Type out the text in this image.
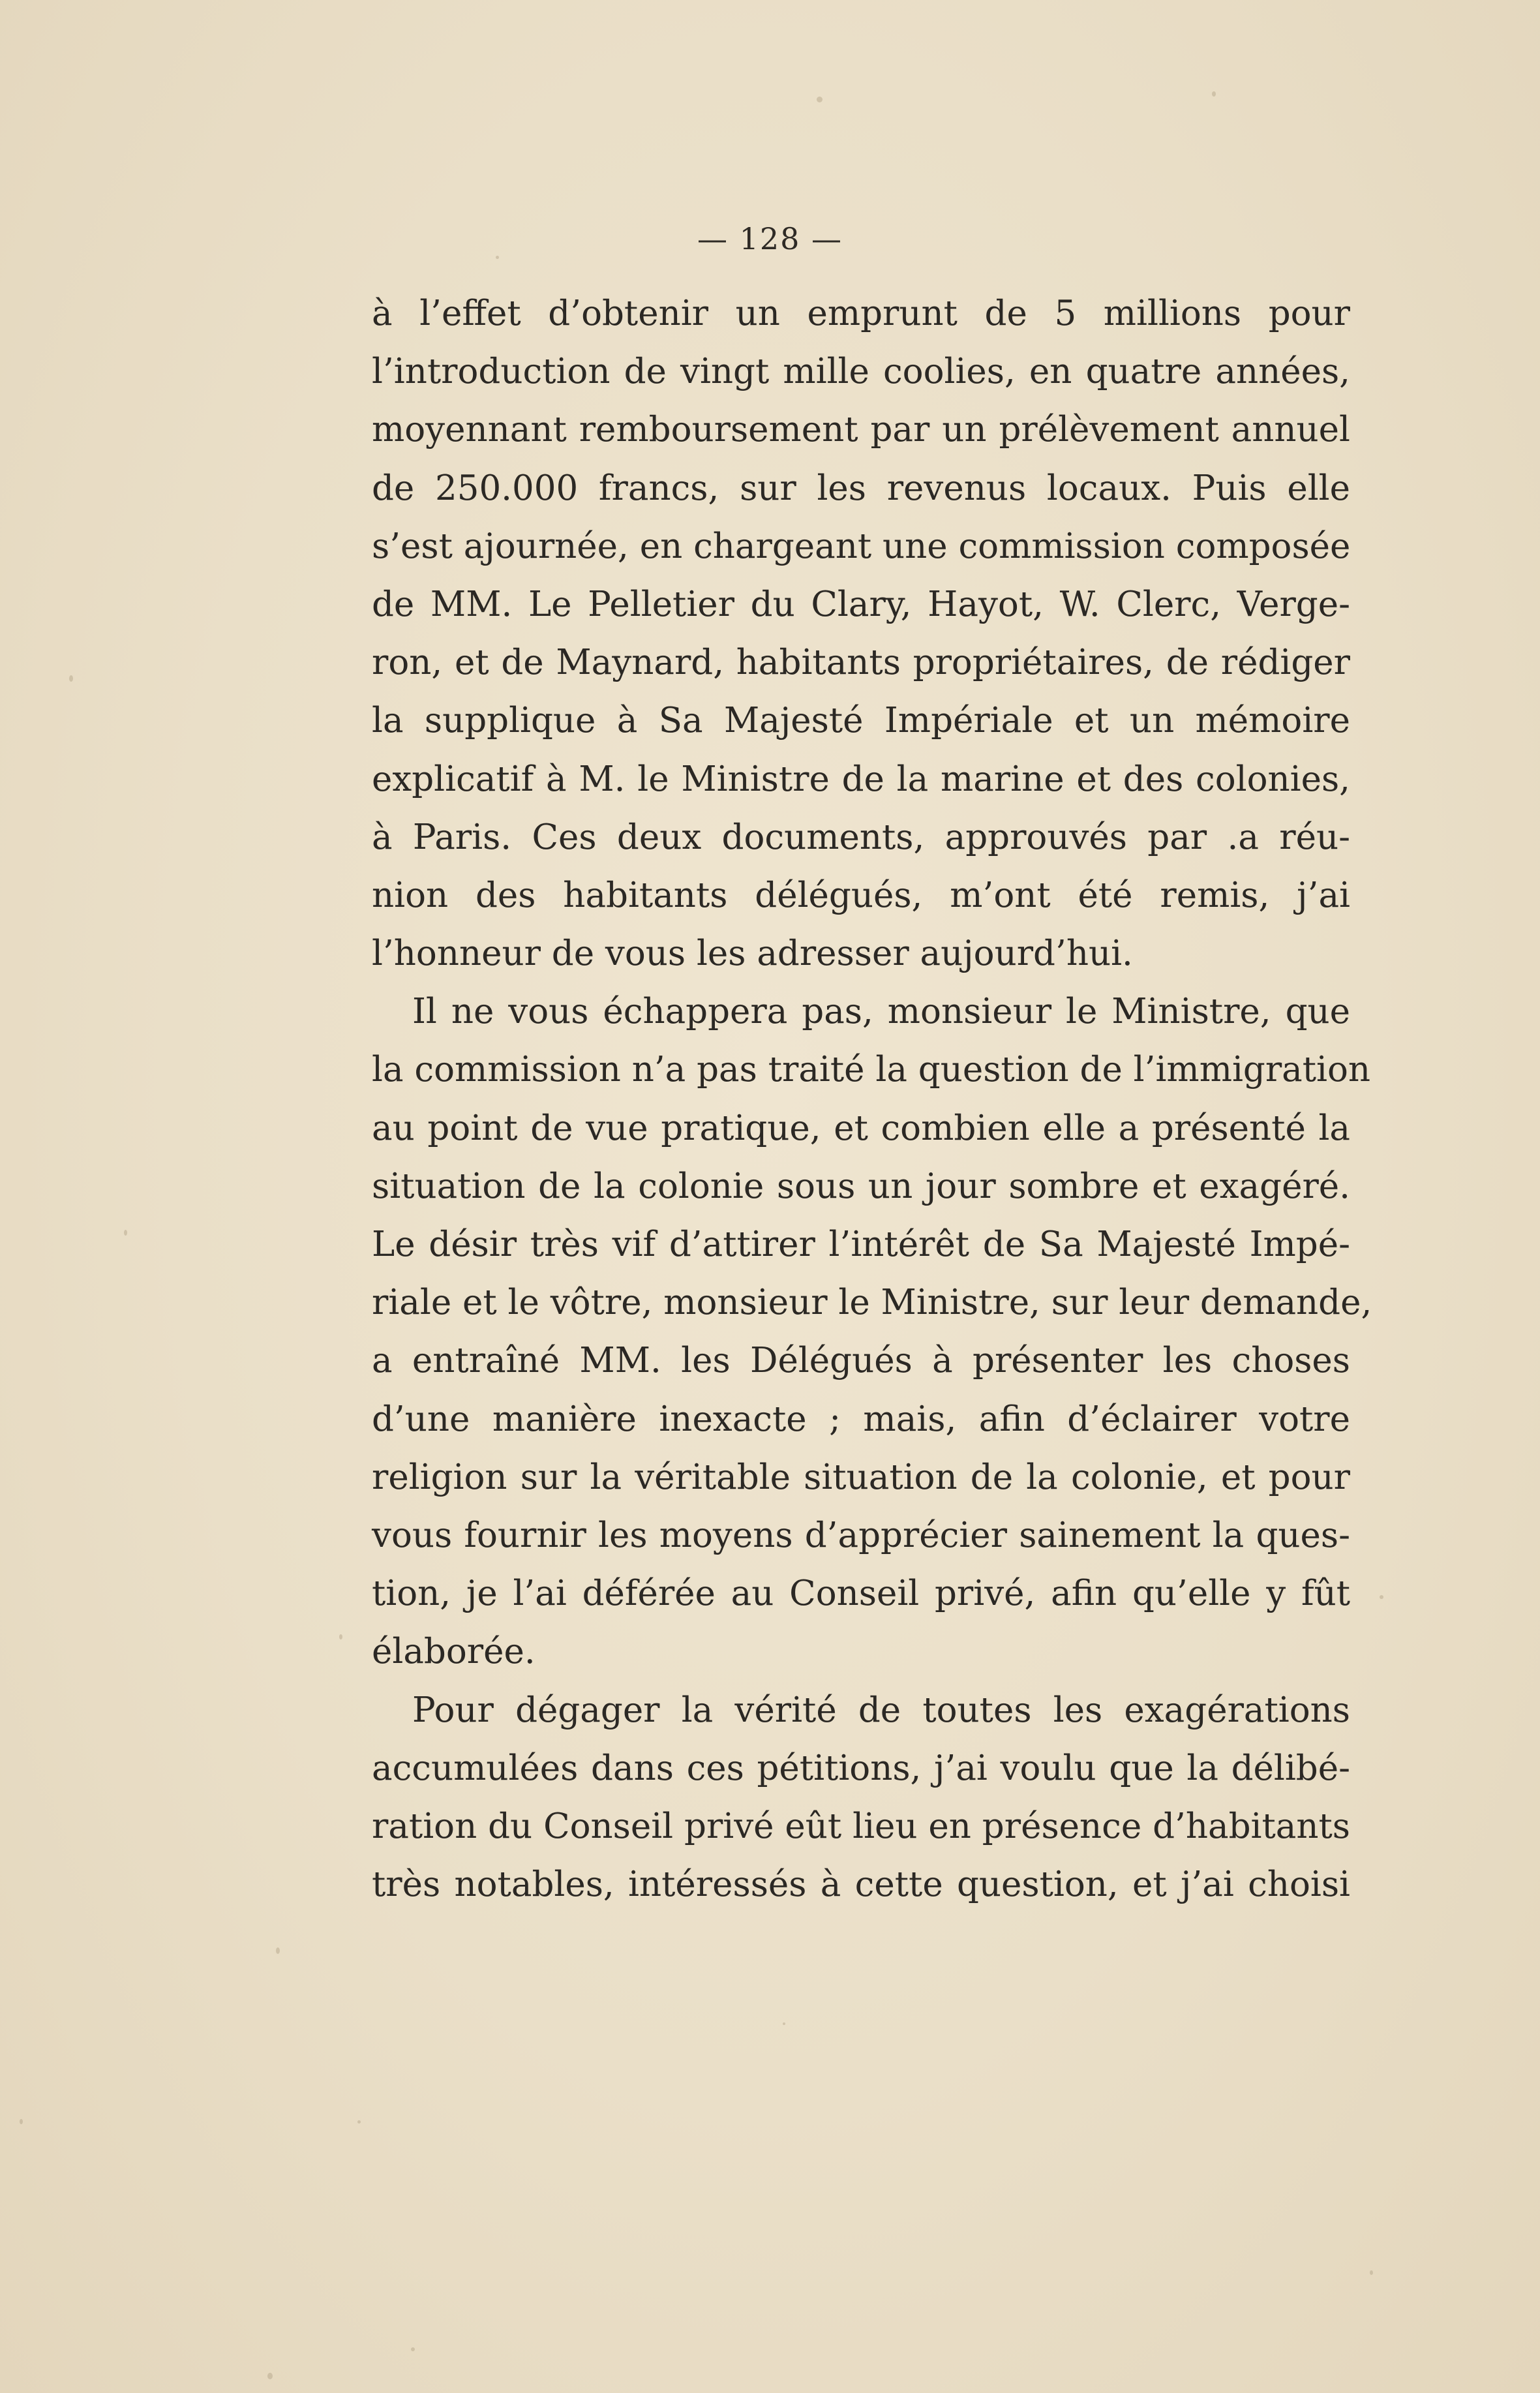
— 128 —
à l’effet d’obtenir un emprunt de 5 millions pour
l’introduction de vingt mille coolies, en quatre années,
moyennant remboursement par un prélèvement annuel
de 250.000 francs, sur les revenus locaux. Puis elle
s’est ajournée, en chargeant une commission composée
de MM. Le Pelletier du Clary, Hayot, W. Clerc, Verge-
ron, et de Maynard, habitants propriétaires, de rédiger
la supplique à Sa Majesté Impériale et un mémoire
explicatif à M. le Ministre de la marine et des colonies,
à Paris. Ces deux documents, approuvés par .a réu-
nion des habitants délégués, m’ont été remis, j’ai
l’honneur de vous les adresser aujourd’hui.
Il ne vous échappera pas, monsieur le Ministre, que
la commission n’a pas traité la question de l’immigration
au point de vue pratique, et combien elle a présenté la
situation de la colonie sous un jour sombre et exagéré.
Le désir très vif d’attirer l’intérêt de Sa Majesté Impé-
riale et le vôtre, monsieur le Ministre, sur leur demande,
a entraîné MM. les Délégués à présenter les choses
d’une manière inexacte ; mais, afin d’éclairer votre
religion sur la véritable situation de la colonie, et pour
vous fournir les moyens d’apprécier sainement la ques-
tion, je l’ai déférée au Conseil privé, afin qu’elle y fût
élaborée.
Pour dégager la vérité de toutes les exagérations
accumulées dans ces pétitions, j’ai voulu que la délibé-
ration du Conseil privé eût lieu en présence d’habitants
très notables, intéressés à cette question, et j’ai choisi
